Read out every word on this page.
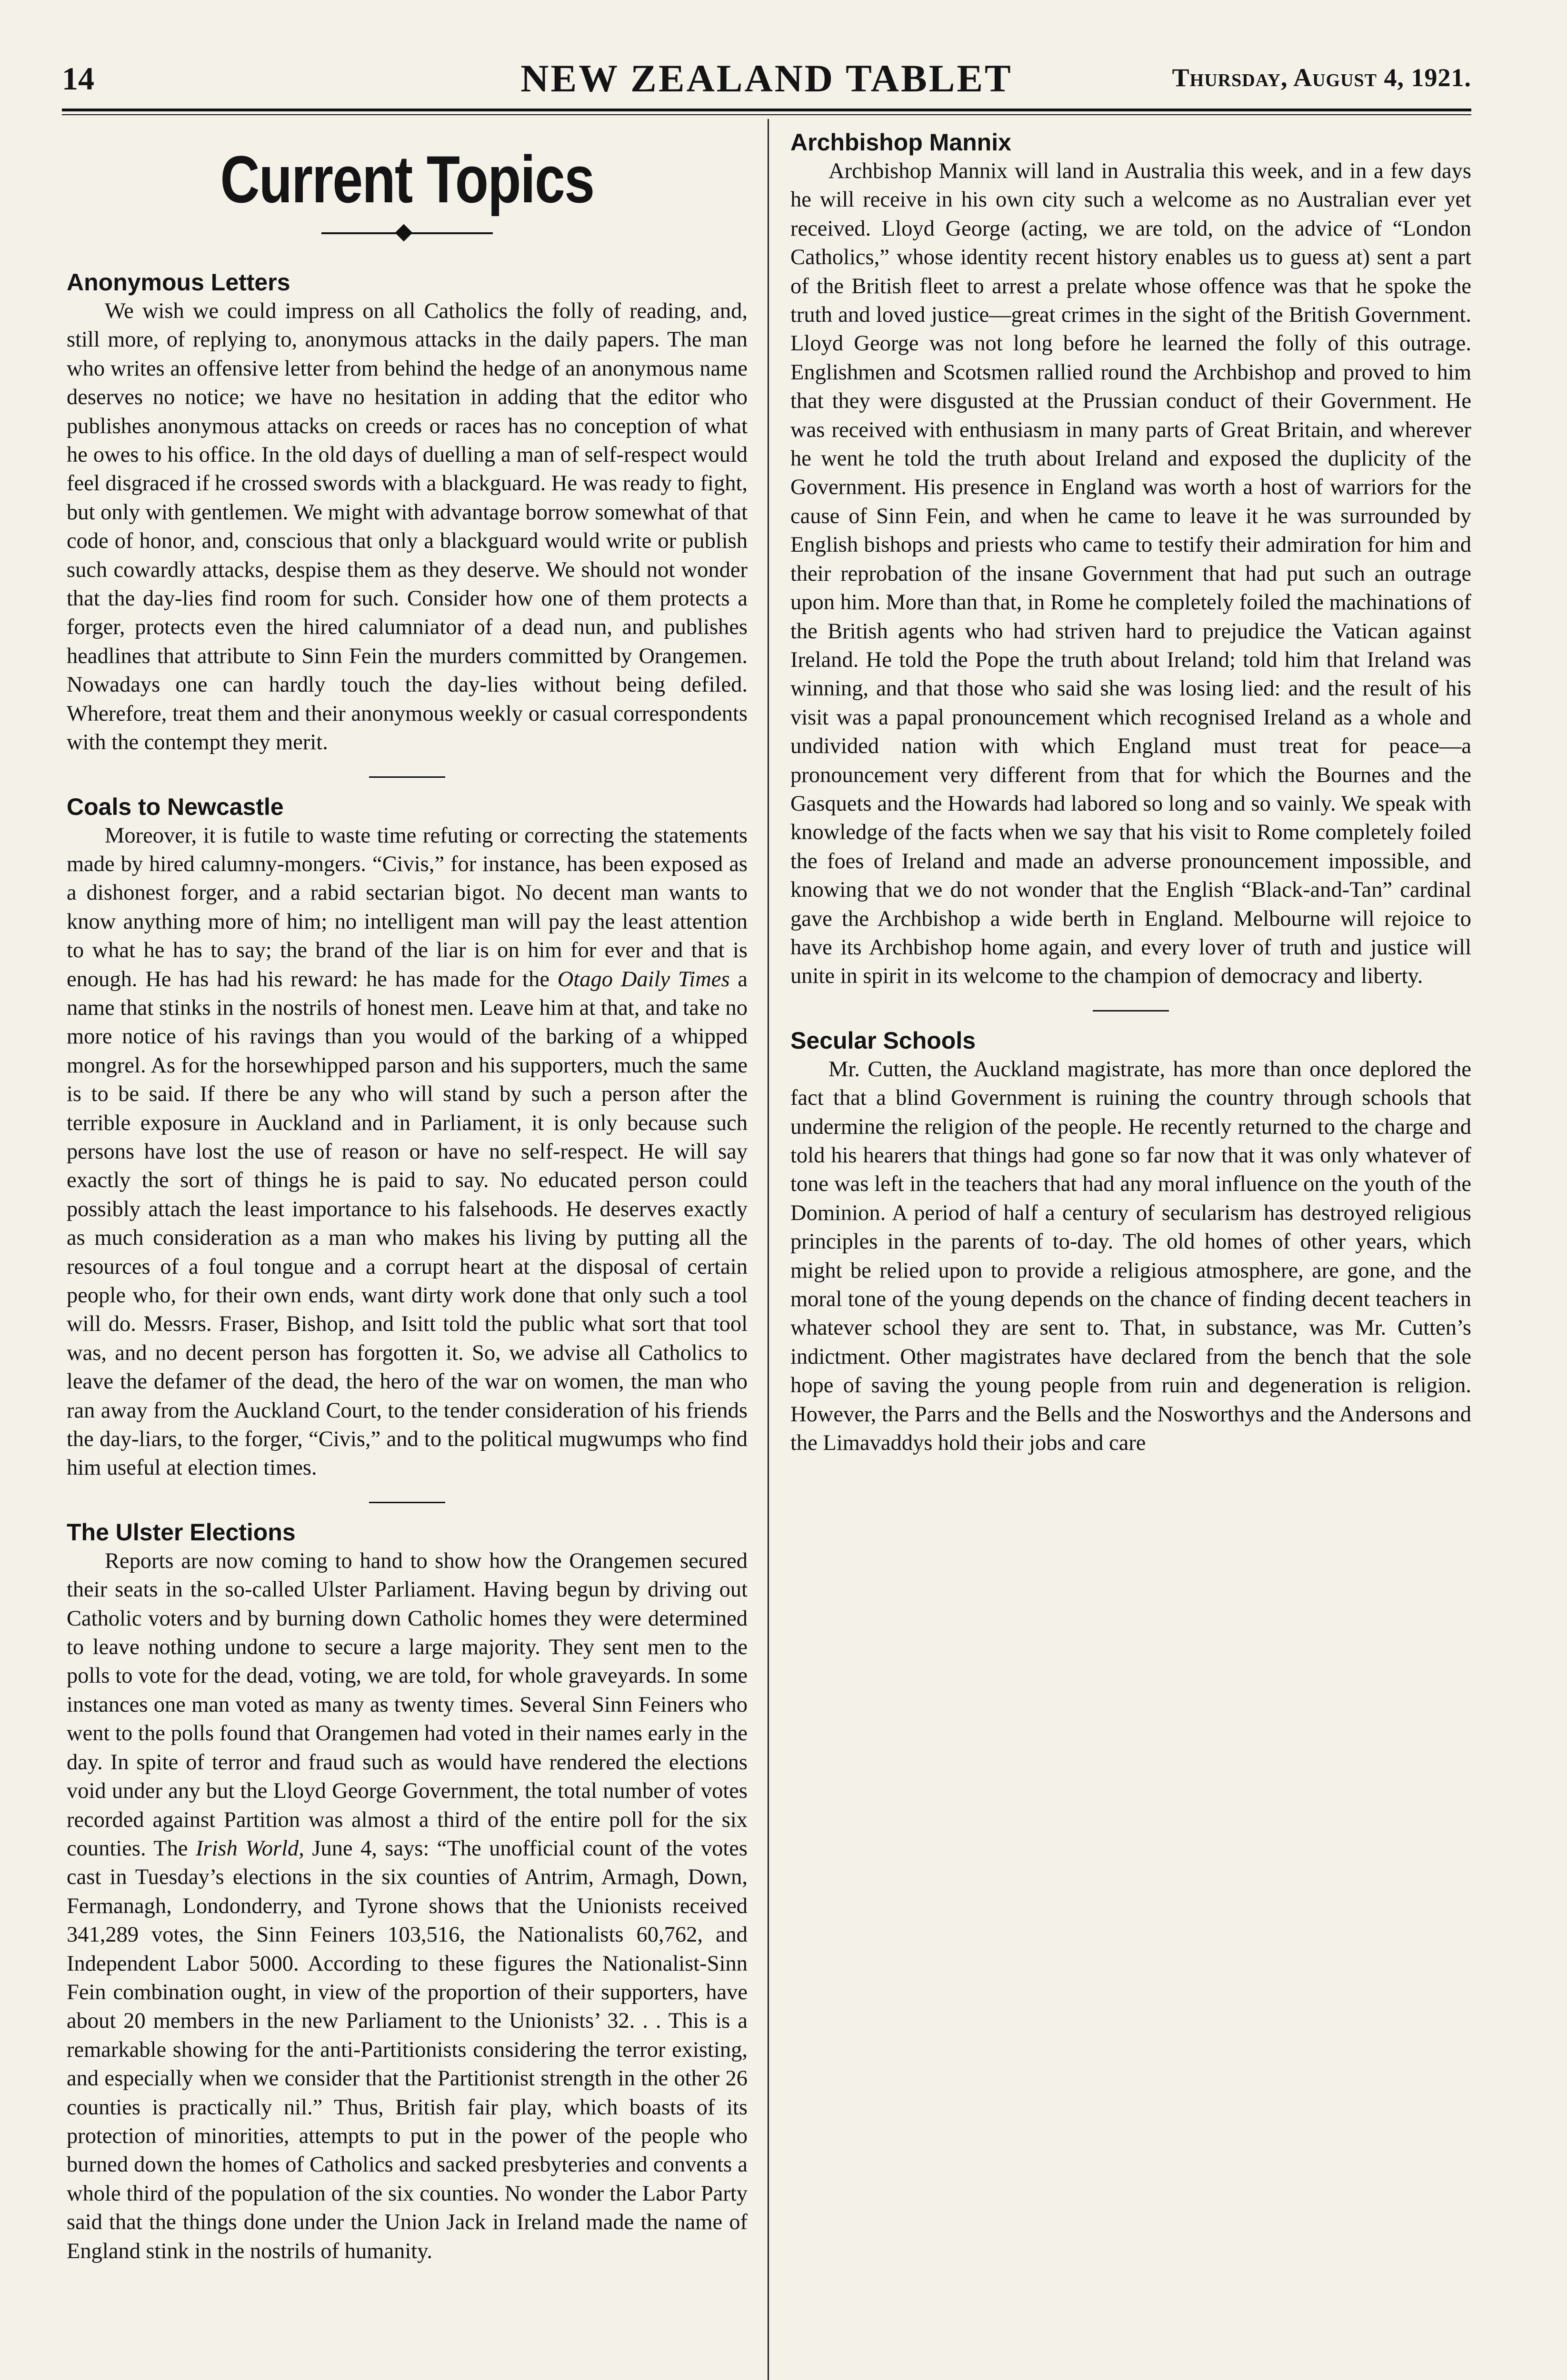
14	NEW ZEALAND TABLET	Thursday, August 4, 1921.
Current Topics
Anonymous Letters

We wish we could impress on all Catholics the folly of reading, and, still more, of replying to, anonymous attacks in the daily papers. The man who writes an offensive letter from behind the hedge of an anonymous name deserves no notice; we have no hesitation in adding that the editor who publishes anonymous attacks on creeds or races has no conception of what he owes to his office. In the old days of duelling a man of self-respect would feel disgraced if he crossed swords with a blackguard. He was ready to fight, but only with gentlemen. We might with advantage borrow somewhat of that code of honor, and, conscious that only a blackguard would write or publish such cowardly attacks, despise them as they deserve. We should not wonder that the day-lies find room for such. Consider how one of them protects a forger, protects even the hired calumniator of a dead nun, and publishes headlines that attribute to Sinn Fein the murders committed by Orangemen. Nowadays one can hardly touch the day-lies without being defiled. Wherefore, treat them and their anonymous weekly or casual correspondents with the contempt they merit.

Coals to Newcastle

Moreover, it is futile to waste time refuting or correcting the statements made by hired calumny-mongers. “Civis,” for instance, has been exposed as a dishonest forger, and a rabid sectarian bigot. No decent man wants to know anything more of him; no intelligent man will pay the least attention to what he has to say; the brand of the liar is on him for ever and that is enough. He has had his reward: he has made for the Otago Daily Times a name that stinks in the nostrils of honest men. Leave him at that, and take no more notice of his ravings than you would of the barking of a whipped mongrel. As for the horsewhipped parson and his supporters, much the same is to be said. If there be any who will stand by such a person after the terrible exposure in Auckland and in Parliament, it is only because such persons have lost the use of reason or have no self-respect. He will say exactly the sort of things he is paid to say. No educated person could possibly attach the least importance to his falsehoods. He deserves exactly as much consideration as a man who makes his living by putting all the resources of a foul tongue and a corrupt heart at the disposal of certain people who, for their own ends, want dirty work done that only such a tool will do. Messrs. Fraser, Bishop, and Isitt told the public what sort that tool was, and no decent person has forgotten it. So, we advise all Catholics to leave the defamer of the dead, the hero of the war on women, the man who ran away from the Auckland Court, to the tender consideration of his friends the day-liars, to the forger, “Civis,” and to the political mugwumps who find him useful at election times.

The Ulster Elections

Reports are now coming to hand to show how the Orangemen secured their seats in the so-called Ulster Parliament. Having begun by driving out Catholic voters and by burning down Catholic homes they were determined to leave nothing undone to secure a large majority. They sent men to the polls to vote for the dead, voting, we are told, for whole graveyards. In some instances one man voted as many as twenty times. Several Sinn Feiners who went to the polls found that Orangemen had voted in their names early in the day. In spite of terror and fraud such as would have rendered the elections void under any but the Lloyd George Government, the total number of votes recorded against Partition was almost a third of the entire poll for the six counties. The Irish World, June 4, says: “The unofficial count of the votes cast in Tuesday’s elections in the six counties of Antrim, Armagh, Down, Fermanagh, Londonderry, and Tyrone shows that the Unionists received 341,289 votes, the Sinn Feiners 103,516, the Nationalists 60,762, and Independent Labor 5000. According to these figures the Nationalist-Sinn Fein combination ought, in view of the proportion of their supporters, have about 20 members in the new Parliament to the Unionists’ 32. . . This is a remarkable showing for the anti-Partitionists considering the terror existing, and especially when we consider that the Partitionist strength in the other 26 counties is practically nil.” Thus, British fair play, which boasts of its protection of minorities, attempts to put in the power of the people who burned down the homes of Catholics and sacked presbyteries and convents a whole third of the population of the six counties. No wonder the Labor Party said that the things done under the Union Jack in Ireland made the name of England stink in the nostrils of humanity.

Archbishop Mannix

Archbishop Mannix will land in Australia this week, and in a few days he will receive in his own city such a welcome as no Australian ever yet received. Lloyd George (acting, we are told, on the advice of “London Catholics,” whose identity recent history enables us to guess at) sent a part of the British fleet to arrest a prelate whose offence was that he spoke the truth and loved justice—great crimes in the sight of the British Government. Lloyd George was not long before he learned the folly of this outrage. Englishmen and Scotsmen rallied round the Archbishop and proved to him that they were disgusted at the Prussian conduct of their Government. He was received with enthusiasm in many parts of Great Britain, and wherever he went he told the truth about Ireland and exposed the duplicity of the Government. His presence in England was worth a host of warriors for the cause of Sinn Fein, and when he came to leave it he was surrounded by English bishops and priests who came to testify their admiration for him and their reprobation of the insane Government that had put such an outrage upon him. More than that, in Rome he completely foiled the machinations of the British agents who had striven hard to prejudice the Vatican against Ireland. He told the Pope the truth about Ireland; told him that Ireland was winning, and that those who said she was losing lied: and the result of his visit was a papal pronouncement which recognised Ireland as a whole and undivided nation with which England must treat for peace—a pronouncement very different from that for which the Bournes and the Gasquets and the Howards had labored so long and so vainly. We speak with knowledge of the facts when we say that his visit to Rome completely foiled the foes of Ireland and made an adverse pronouncement impossible, and knowing that we do not wonder that the English “Black-and-Tan” cardinal gave the Archbishop a wide berth in England. Melbourne will rejoice to have its Archbishop home again, and every lover of truth and justice will unite in spirit in its welcome to the champion of democracy and liberty.

Secular Schools

Mr. Cutten, the Auckland magistrate, has more than once deplored the fact that a blind Government is ruining the country through schools that undermine the religion of the people. He recently returned to the charge and told his hearers that things had gone so far now that it was only whatever of tone was left in the teachers that had any moral influence on the youth of the Dominion. A period of half a century of secularism has destroyed religious principles in the parents of to-day. The old homes of other years, which might be relied upon to provide a religious atmosphere, are gone, and the moral tone of the young depends on the chance of finding decent teachers in whatever school they are sent to. That, in substance, was Mr. Cutten’s indictment. Other magistrates have declared from the bench that the sole hope of saving the young people from ruin and degeneration is religion. However, the Parrs and the Bells and the Nosworthys and the Andersons and the Limavaddys hold their jobs and care
